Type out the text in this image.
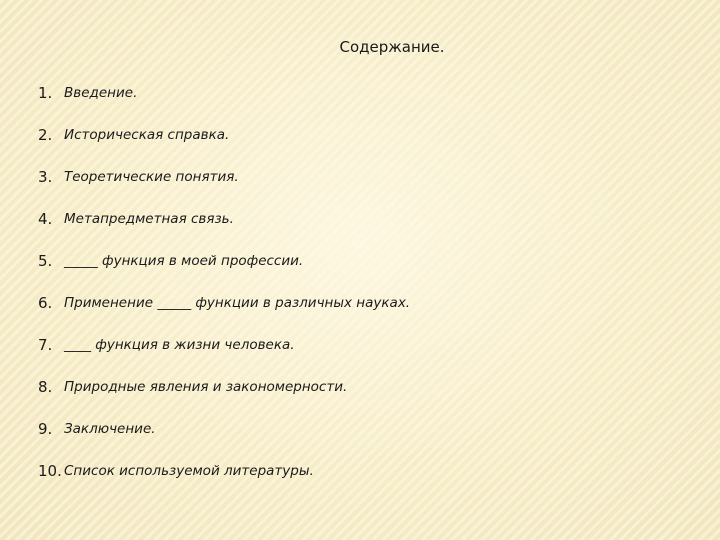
Содержание.
1. Введение.
2. Историческая справка.
3. Теоретические понятия.
4. Метапредметная связь.
5. _____ функция в моей профессии.
6. Применение _____ функции в различных науках.
7. ____ функция в жизни человека.
8. Природные явления и закономерности.
9. Заключение.
10. Список используемой литературы.
